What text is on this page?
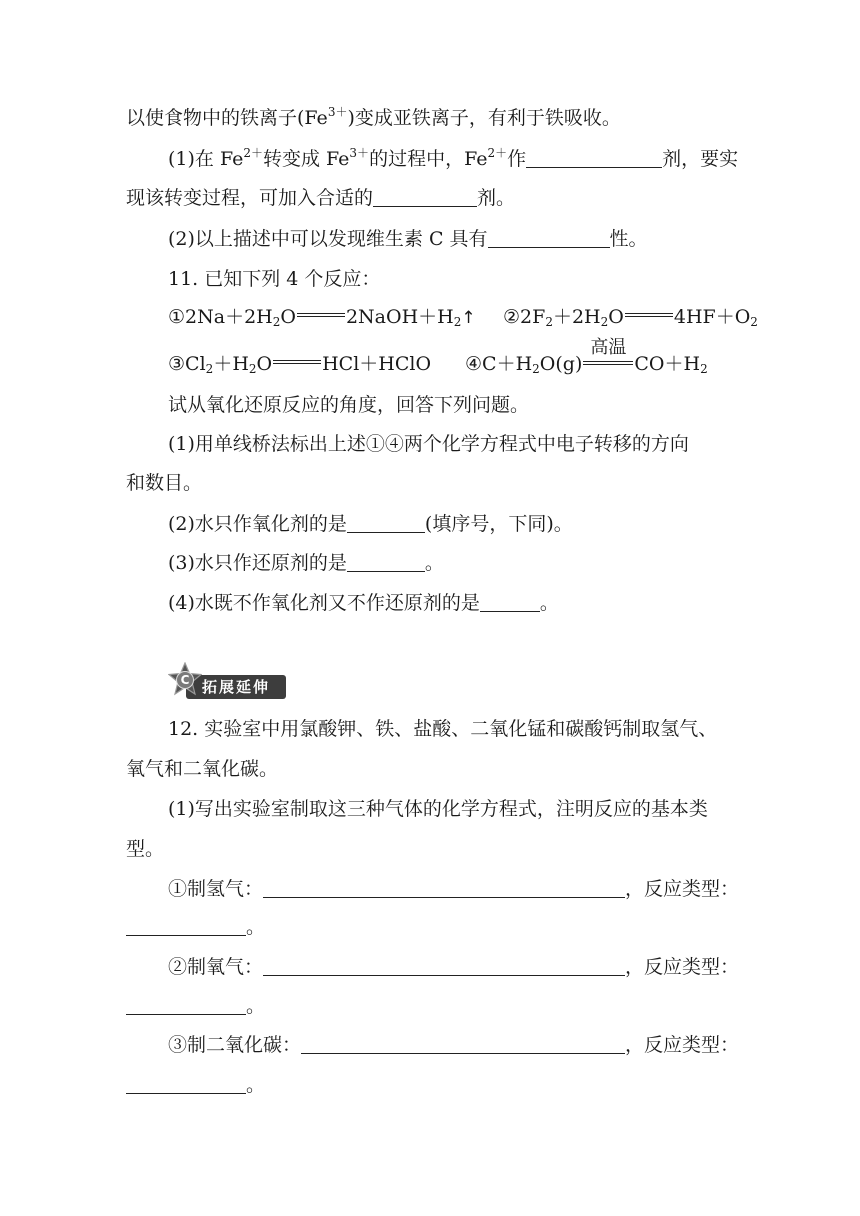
以使食物中的铁离子$(Fe^{3+})$变成亚铁离子，有利于铁吸收。
(1)在 $Fe^{2+}$转变成 $Fe^{3+}$的过程中，$Fe^{2+}$作	剂，要实
现该转变过程，可加入合适的	剂。
(2)以上描述中可以发现维生素 C 具有	性。
11. 已知下列 4 个反应：
$①2Na+2H_2O$	$2NaOH+H_2↑$ $②2F_2+2H_2O$	$4HF+O_2$
$③Cl_2+H_2O$	HCl＋HClO $④C+H_2O(g)$
高温
$CO+H_2$
试从氧化还原反应的角度，回答下列问题。
(1)用单线桥法标出上述①④两个化学方程式中电子转移的方向
和数目。
(2)水只作氧化剂的是	(填序号，下同)。
(3)水只作还原剂的是	。
(4)水既不作氧化剂又不作还原剂的是	。
拓展延伸
C
12. 实验室中用氯酸钾、铁、盐酸、二氧化锰和碳酸钙制取氢气、
氧气和二氧化碳。
(1)写出实验室制取这三种气体的化学方程式，注明反应的基本类
型。
①制氢气：	，反应类型：
。
②制氧气：	，反应类型：
。
③制二氧化碳：	，反应类型：
。
